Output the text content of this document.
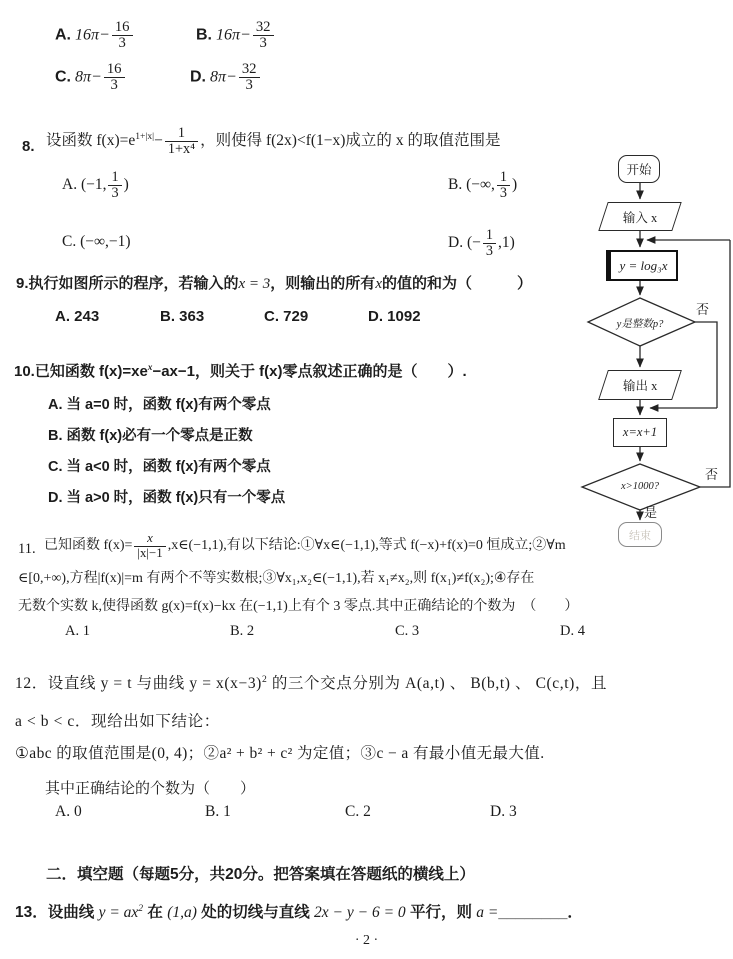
开始
输入 x
y = log₃x
y是整数p?
否
输出 x
x=x+1
x>1000?
否
是
结束
A. $16\pi- \frac{16}{3}$	B. $16\pi- \frac{32}{3}$
C. $8\pi- \frac{16}{3}$	D. $8\pi- \frac{32}{3}$
8. 设函数 $f(x)=e^{1+|x|}- \frac{1}{\text{1+x⁴}}$ ，则使得 f(2x)<f(1−x)成立的 x 的取值范围是
A. (−1, $\frac{1}{3}$ )	B. (−∞, $\frac{1}{3}$ )
C. (−∞,−1)	D. (− $\frac{1}{3} ,1$)
9.执行如图所示的程序，若输入的x = 3，则输出的所有x的值的和为（　　　）
A. 243	B. 363	C. 729	D. 1092
10.已知函数 $f(x)=xe^x-ax-1$，则关于 f(x)零点叙述正确的是（　　）.
A. 当 a=0 时，函数 f(x)有两个零点
B. 函数 f(x)必有一个零点是正数
C. 当 a<0 时，函数 f(x)有两个零点
D. 当 a>0 时，函数 f(x)只有一个零点
11. 已知函数 $f(x)= \frac{x}{|x|-1}$ ,x∈(−1,1),有以下结论:①∀x∈(−1,1),等式 f(−x)+f(x)=0 恒成立;②∀m
∈[0,+∞),方程|f(x)|=m 有两个不等实数根;③∀x₁,x₂∈(−1,1),若 x₁≠x₂,则 f(x₁)≠f(x₂);④存在
无数个实数 k,使得函数 g(x)=f(x)−kx 在(−1,1)上有个 3 零点.其中正确结论的个数为　（　　）
A. 1	B. 2	C. 3	D. 4
12．设直线 y = t 与曲线 $y = x(x-3)^2$ 的三个交点分别为 A(a,t) 、 B(b,t) 、 C(c,t)，且
a < b < c．现给出如下结论：
①abc 的取值范围是(0, 4)；②a² + b² + c² 为定值；③c − a 有最小值无最大值.
其中正确结论的个数为（　　）
A. 0	B. 1	C. 2	D. 3
二．填空题（每题5分，共20分。把答案填在答题纸的横线上）
13．设曲线 $y = ax^2$ 在 (1,a) 处的切线与直线 2x − y − 6 = 0 平行，则 a =________．
· 2 ·
